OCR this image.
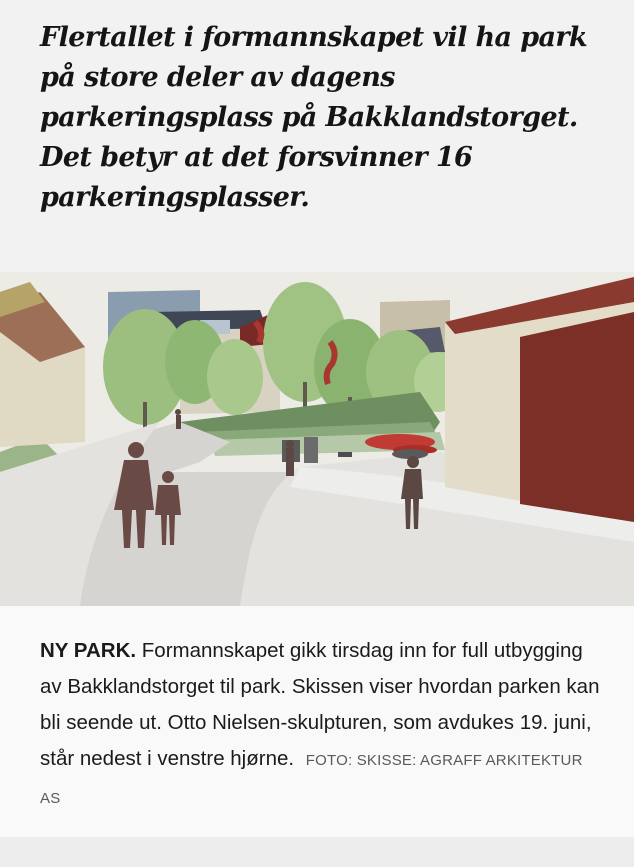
Flertallet i formannskapet vil ha park på store deler av dagens parkeringsplass på Bakklandstorget. Det betyr at det forsvinner 16 parkeringsplasser.

NY PARK. Formannskapet gikk tirsdag inn for full utbygging av Bakklandstorget til park. Skissen viser hvordan parken kan bli seende ut. Otto Nielsen-skulpturen, som avdukes 19. juni, står nedest i venstre hjørne. FOTO: SKISSE: AGRAFF ARKITEKTUR AS
